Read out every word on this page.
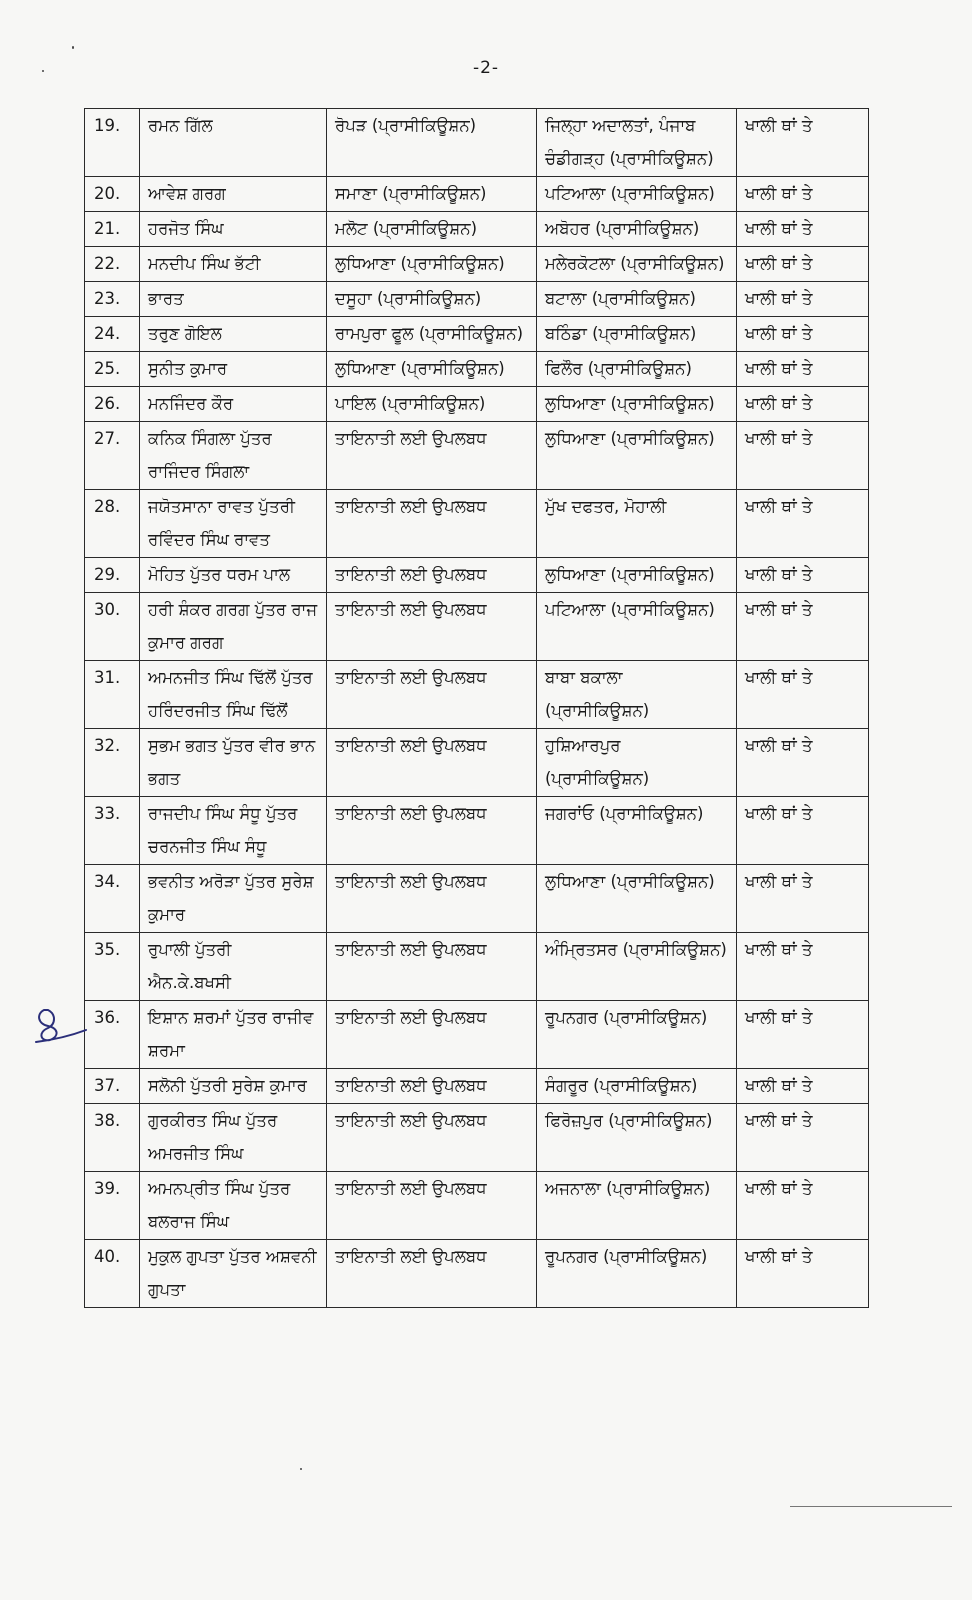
-2-
19.	ਰਮਨ ਗਿੱਲ	ਰੋਪੜ (ਪ੍ਰਾਸੀਕਿਊਸ਼ਨ)	ਜਿਲ੍ਹਾ ਅਦਾਲਤਾਂ, ਪੰਜਾਬ ਚੰਡੀਗੜ੍ਹ (ਪ੍ਰਾਸੀਕਿਊਸ਼ਨ)	ਖਾਲੀ ਥਾਂ ਤੇ
20.	ਆਵੇਸ਼ ਗਰਗ	ਸਮਾਣਾ (ਪ੍ਰਾਸੀਕਿਊਸ਼ਨ)	ਪਟਿਆਲਾ (ਪ੍ਰਾਸੀਕਿਊਸ਼ਨ)	ਖਾਲੀ ਥਾਂ ਤੇ
21.	ਹਰਜੋਤ ਸਿੰਘ	ਮਲੋਟ (ਪ੍ਰਾਸੀਕਿਊਸ਼ਨ)	ਅਬੋਹਰ (ਪ੍ਰਾਸੀਕਿਊਸ਼ਨ)	ਖਾਲੀ ਥਾਂ ਤੇ
22.	ਮਨਦੀਪ ਸਿੰਘ ਭੱਟੀ	ਲੁਧਿਆਣਾ (ਪ੍ਰਾਸੀਕਿਊਸ਼ਨ)	ਮਲੇਰਕੋਟਲਾ (ਪ੍ਰਾਸੀਕਿਊਸ਼ਨ)	ਖਾਲੀ ਥਾਂ ਤੇ
23.	ਭਾਰਤ	ਦਸੂਹਾ (ਪ੍ਰਾਸੀਕਿਊਸ਼ਨ)	ਬਟਾਲਾ (ਪ੍ਰਾਸੀਕਿਊਸ਼ਨ)	ਖਾਲੀ ਥਾਂ ਤੇ
24.	ਤਰੁਣ ਗੋਇਲ	ਰਾਮਪੁਰਾ ਫੂਲ (ਪ੍ਰਾਸੀਕਿਊਸ਼ਨ)	ਬਠਿੰਡਾ (ਪ੍ਰਾਸੀਕਿਊਸ਼ਨ)	ਖਾਲੀ ਥਾਂ ਤੇ
25.	ਸੁਨੀਤ ਕੁਮਾਰ	ਲੁਧਿਆਣਾ (ਪ੍ਰਾਸੀਕਿਊਸ਼ਨ)	ਫਿਲੌਰ (ਪ੍ਰਾਸੀਕਿਊਸ਼ਨ)	ਖਾਲੀ ਥਾਂ ਤੇ
26.	ਮਨਜਿੰਦਰ ਕੌਰ	ਪਾਇਲ (ਪ੍ਰਾਸੀਕਿਊਸ਼ਨ)	ਲੁਧਿਆਣਾ (ਪ੍ਰਾਸੀਕਿਊਸ਼ਨ)	ਖਾਲੀ ਥਾਂ ਤੇ
27.	ਕਨਿਕ ਸਿੰਗਲਾ ਪੁੱਤਰ ਰਾਜਿੰਦਰ ਸਿੰਗਲਾ	ਤਾਇਨਾਤੀ ਲਈ ਉਪਲਬਧ	ਲੁਧਿਆਣਾ (ਪ੍ਰਾਸੀਕਿਊਸ਼ਨ)	ਖਾਲੀ ਥਾਂ ਤੇ
28.	ਜਯੋਤਸਾਨਾ ਰਾਵਤ ਪੁੱਤਰੀ ਰਵਿੰਦਰ ਸਿੰਘ ਰਾਵਤ	ਤਾਇਨਾਤੀ ਲਈ ਉਪਲਬਧ	ਮੁੱਖ ਦਫਤਰ, ਮੋਹਾਲੀ	ਖਾਲੀ ਥਾਂ ਤੇ
29.	ਮੋਹਿਤ ਪੁੱਤਰ ਧਰਮ ਪਾਲ	ਤਾਇਨਾਤੀ ਲਈ ਉਪਲਬਧ	ਲੁਧਿਆਣਾ (ਪ੍ਰਾਸੀਕਿਊਸ਼ਨ)	ਖਾਲੀ ਥਾਂ ਤੇ
30.	ਹਰੀ ਸ਼ੰਕਰ ਗਰਗ ਪੁੱਤਰ ਰਾਜ ਕੁਮਾਰ ਗਰਗ	ਤਾਇਨਾਤੀ ਲਈ ਉਪਲਬਧ	ਪਟਿਆਲਾ (ਪ੍ਰਾਸੀਕਿਊਸ਼ਨ)	ਖਾਲੀ ਥਾਂ ਤੇ
31.	ਅਮਨਜੀਤ ਸਿੰਘ ਢਿੱਲੋਂ ਪੁੱਤਰ ਹਰਿੰਦਰਜੀਤ ਸਿੰਘ ਢਿੱਲੋਂ	ਤਾਇਨਾਤੀ ਲਈ ਉਪਲਬਧ	ਬਾਬਾ ਬਕਾਲਾ (ਪ੍ਰਾਸੀਕਿਊਸ਼ਨ)	ਖਾਲੀ ਥਾਂ ਤੇ
32.	ਸੁਭਮ ਭਗਤ ਪੁੱਤਰ ਵੀਰ ਭਾਨ ਭਗਤ	ਤਾਇਨਾਤੀ ਲਈ ਉਪਲਬਧ	ਹੁਸ਼ਿਆਰਪੁਰ (ਪ੍ਰਾਸੀਕਿਊਸ਼ਨ)	ਖਾਲੀ ਥਾਂ ਤੇ
33.	ਰਾਜਦੀਪ ਸਿੰਘ ਸੰਧੂ ਪੁੱਤਰ ਚਰਨਜੀਤ ਸਿੰਘ ਸੰਧੂ	ਤਾਇਨਾਤੀ ਲਈ ਉਪਲਬਧ	ਜਗਰਾਂਓ (ਪ੍ਰਾਸੀਕਿਊਸ਼ਨ)	ਖਾਲੀ ਥਾਂ ਤੇ
34.	ਭਵਨੀਤ ਅਰੋੜਾ ਪੁੱਤਰ ਸੁਰੇਸ਼ ਕੁਮਾਰ	ਤਾਇਨਾਤੀ ਲਈ ਉਪਲਬਧ	ਲੁਧਿਆਣਾ (ਪ੍ਰਾਸੀਕਿਊਸ਼ਨ)	ਖਾਲੀ ਥਾਂ ਤੇ
35.	ਰੁਪਾਲੀ ਪੁੱਤਰੀ ਐਨ.ਕੇ.ਬਖਸੀ	ਤਾਇਨਾਤੀ ਲਈ ਉਪਲਬਧ	ਅੰਮ੍ਰਿਤਸਰ (ਪ੍ਰਾਸੀਕਿਊਸ਼ਨ)	ਖਾਲੀ ਥਾਂ ਤੇ
36.	ਇਸ਼ਾਨ ਸ਼ਰਮਾਂ ਪੁੱਤਰ ਰਾਜੀਵ ਸ਼ਰਮਾ	ਤਾਇਨਾਤੀ ਲਈ ਉਪਲਬਧ	ਰੂਪਨਗਰ (ਪ੍ਰਾਸੀਕਿਊਸ਼ਨ)	ਖਾਲੀ ਥਾਂ ਤੇ
37.	ਸਲੋਨੀ ਪੁੱਤਰੀ ਸੁਰੇਸ਼ ਕੁਮਾਰ	ਤਾਇਨਾਤੀ ਲਈ ਉਪਲਬਧ	ਸੰਗਰੂਰ (ਪ੍ਰਾਸੀਕਿਊਸ਼ਨ)	ਖਾਲੀ ਥਾਂ ਤੇ
38.	ਗੁਰਕੀਰਤ ਸਿੰਘ ਪੁੱਤਰ ਅਮਰਜੀਤ ਸਿੰਘ	ਤਾਇਨਾਤੀ ਲਈ ਉਪਲਬਧ	ਫਿਰੋਜ਼ਪੁਰ (ਪ੍ਰਾਸੀਕਿਊਸ਼ਨ)	ਖਾਲੀ ਥਾਂ ਤੇ
39.	ਅਮਨਪ੍ਰੀਤ ਸਿੰਘ ਪੁੱਤਰ ਬਲਰਾਜ ਸਿੰਘ	ਤਾਇਨਾਤੀ ਲਈ ਉਪਲਬਧ	ਅਜਨਾਲਾ (ਪ੍ਰਾਸੀਕਿਊਸ਼ਨ)	ਖਾਲੀ ਥਾਂ ਤੇ
40.	ਮੁਕੁਲ ਗੁਪਤਾ ਪੁੱਤਰ ਅਸ਼ਵਨੀ ਗੁਪਤਾ	ਤਾਇਨਾਤੀ ਲਈ ਉਪਲਬਧ	ਰੂਪਨਗਰ (ਪ੍ਰਾਸੀਕਿਊਸ਼ਨ)	ਖਾਲੀ ਥਾਂ ਤੇ
